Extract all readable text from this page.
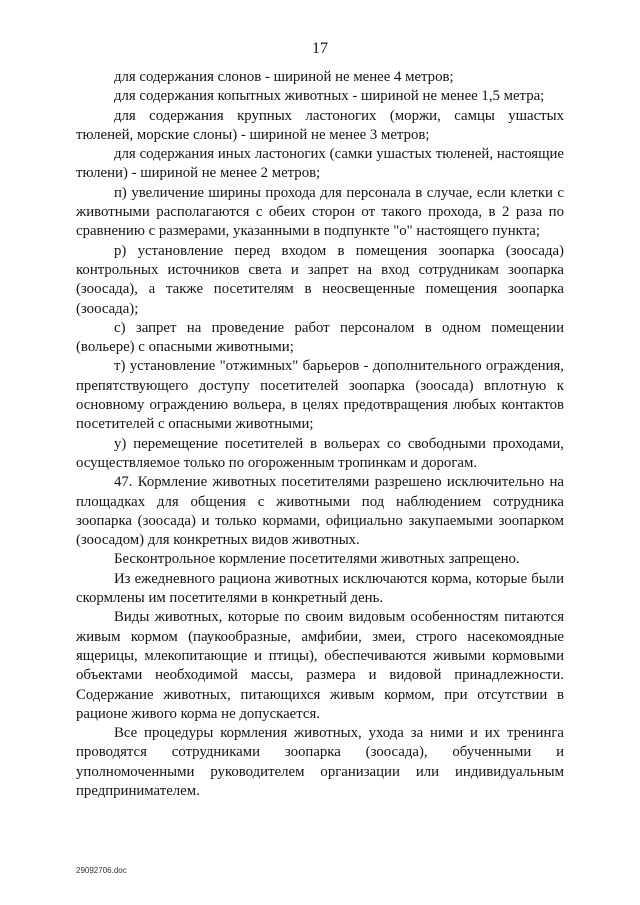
17

для содержания слонов - шириной не менее 4 метров;

для содержания копытных животных - шириной не менее 1,5 метра;

для содержания крупных ластоногих (моржи, самцы ушастых тюленей, морские слоны) - шириной не менее 3 метров;

для содержания иных ластоногих (самки ушастых тюленей, настоящие тюлени) - шириной не менее 2 метров;

п) увеличение ширины прохода для персонала в случае, если клетки с животными располагаются с обеих сторон от такого прохода, в 2 раза по сравнению с размерами, указанными в подпункте "о" настоящего пункта;

р) установление перед входом в помещения зоопарка (зоосада) контрольных источников света и запрет на вход сотрудникам зоопарка (зоосада), а также посетителям в неосвещенные помещения зоопарка (зоосада);

с) запрет на проведение работ персоналом в одном помещении (вольере) с опасными животными;

т) установление "отжимных" барьеров - дополнительного ограждения, препятствующего доступу посетителей зоопарка (зоосада) вплотную к основному ограждению вольера, в целях предотвращения любых контактов посетителей с опасными животными;

у) перемещение посетителей в вольерах со свободными проходами, осуществляемое только по огороженным тропинкам и дорогам.

47. Кормление животных посетителями разрешено исключительно на площадках для общения с животными под наблюдением сотрудника зоопарка (зоосада) и только кормами, официально закупаемыми зоопарком (зоосадом) для конкретных видов животных.

Бесконтрольное кормление посетителями животных запрещено.

Из ежедневного рациона животных исключаются корма, которые были скормлены им посетителями в конкретный день.

Виды животных, которые по своим видовым особенностям питаются живым кормом (паукообразные, амфибии, змеи, строго насекомоядные ящерицы, млекопитающие и птицы), обеспечиваются живыми кормовыми объектами необходимой массы, размера и видовой принадлежности. Содержание животных, питающихся живым кормом, при отсутствии в рационе живого корма не допускается.

Все процедуры кормления животных, ухода за ними и их тренинга проводятся сотрудниками зоопарка (зоосада), обученными и уполномоченными руководителем организации или индивидуальным предпринимателем.

29092706.doc
